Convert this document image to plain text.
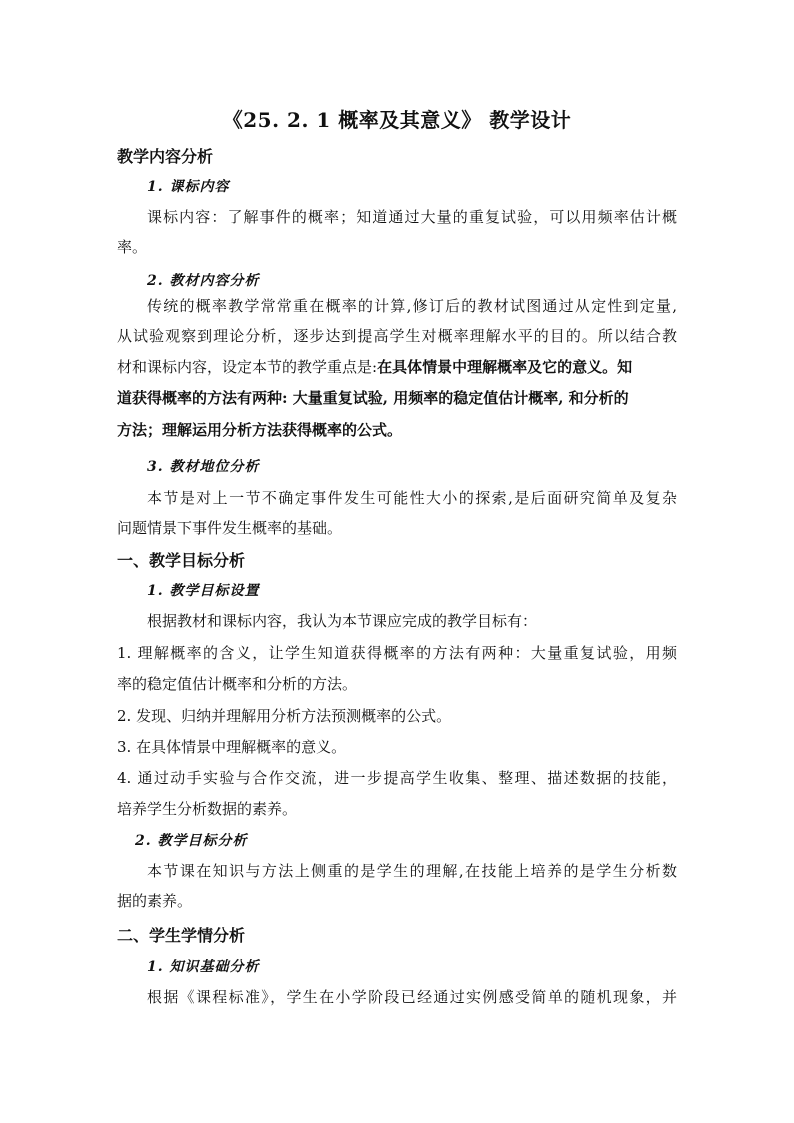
《25. 2. 1 概率及其意义》 教学设计
教学内容分析
1. 课标内容
课标内容：了解事件的概率；知道通过大量的重复试验，可以用频率估计概
率。
2. 教材内容分析
传统的概率教学常常重在概率的计算,修订后的教材试图通过从定性到定量,
从试验观察到理论分析，逐步达到提高学生对概率理解水平的目的。所以结合教
材和课标内容，设定本节的教学重点是:在具体情景中理解概率及它的意义。知
道获得概率的方法有两种: 大量重复试验, 用频率的稳定值估计概率, 和分析的
方法；理解运用分析方法获得概率的公式。
3. 教材地位分析
本节是对上一节不确定事件发生可能性大小的探索,是后面研究简单及复杂
问题情景下事件发生概率的基础。
一、教学目标分析
1. 教学目标设置
根据教材和课标内容，我认为本节课应完成的教学目标有：
1. 理解概率的含义，让学生知道获得概率的方法有两种：大量重复试验，用频
率的稳定值估计概率和分析的方法。
2. 发现、归纳并理解用分析方法预测概率的公式。
3. 在具体情景中理解概率的意义。
4. 通过动手实验与合作交流，进一步提高学生收集、整理、描述数据的技能，
培养学生分析数据的素养。
2. 教学目标分析
本节课在知识与方法上侧重的是学生的理解,在技能上培养的是学生分析数
据的素养。
二、学生学情分析
1. 知识基础分析
根据《课程标准》，学生在小学阶段已经通过实例感受简单的随机现象，并
